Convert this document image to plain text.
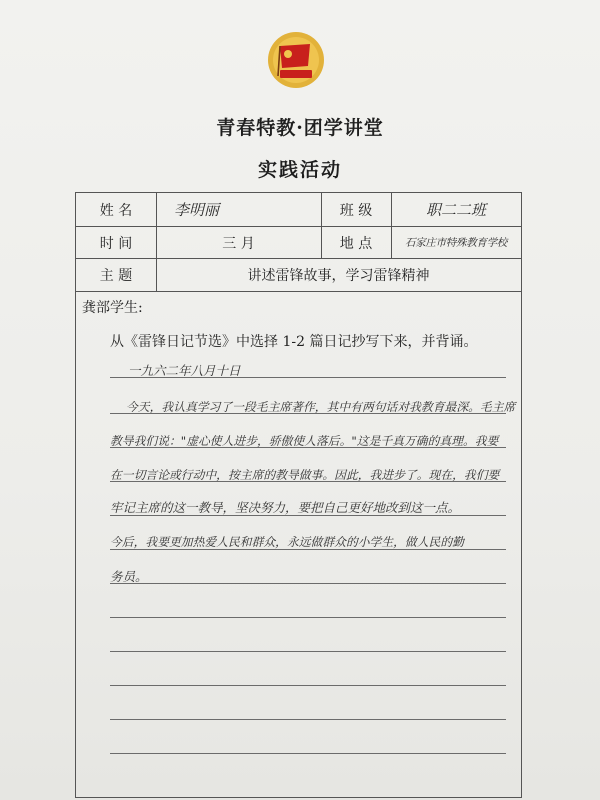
青春特教·团学讲堂
实践活动
姓 名	李明丽	班 级	职二二班
时 间	三 月	地 点	石家庄市特殊教育学校
主 题	讲述雷锋故事，学习雷锋精神
龚部学生:
从《雷锋日记节选》中选择 1-2 篇日记抄写下来，并背诵。
一九六二年八月十日
今天，我认真学习了一段毛主席著作，其中有两句话对我教育最深。毛主席
教导我们说："虚心使人进步，骄傲使人落后。"这是千真万确的真理。我要
在一切言论或行动中，按主席的教导做事。因此，我进步了。现在，我们要
牢记主席的这一教导，坚决努力，要把自己更好地改到这一点。
今后，我要更加热爱人民和群众，永远做群众的小学生，做人民的勤
务员。
